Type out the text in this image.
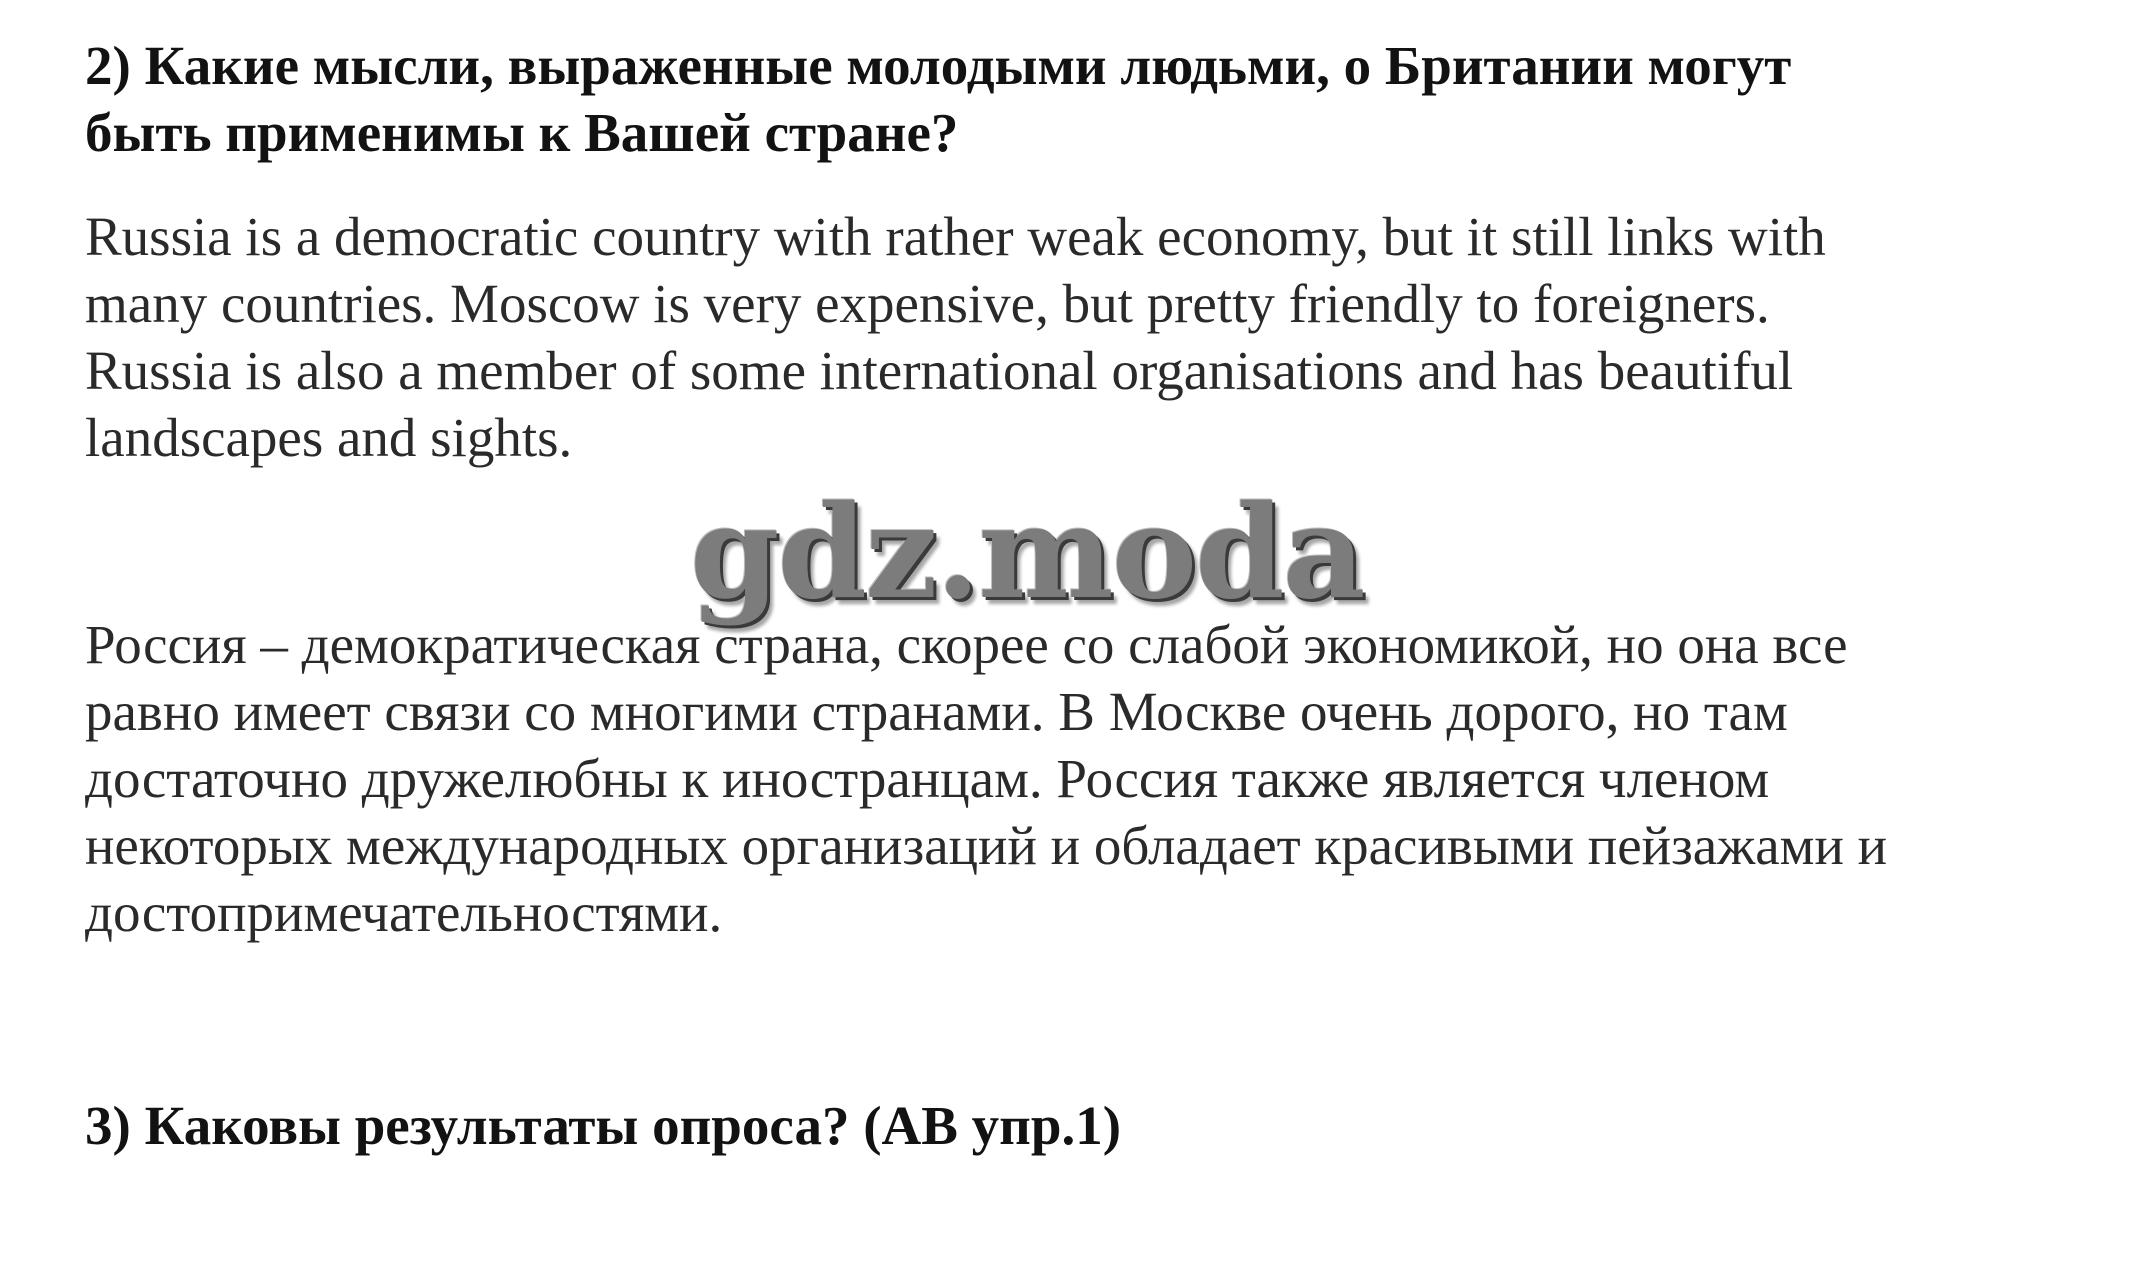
2) Какие мысли, выраженные молодыми людьми, о Британии могут
быть применимы к Вашей стране?

Russia is a democratic country with rather weak economy, but it still links with
many countries. Moscow is very expensive, but pretty friendly to foreigners.
Russia is also a member of some international organisations and has beautiful
landscapes and sights.

gdz.moda

Россия – демократическая страна, скорее со слабой экономикой, но она все
равно имеет связи со многими странами. В Москве очень дорого, но там
достаточно дружелюбны к иностранцам. Россия также является членом
некоторых международных организаций и обладает красивыми пейзажами и
достопримечательностями.

3) Каковы результаты опроса? (АВ упр.1)
